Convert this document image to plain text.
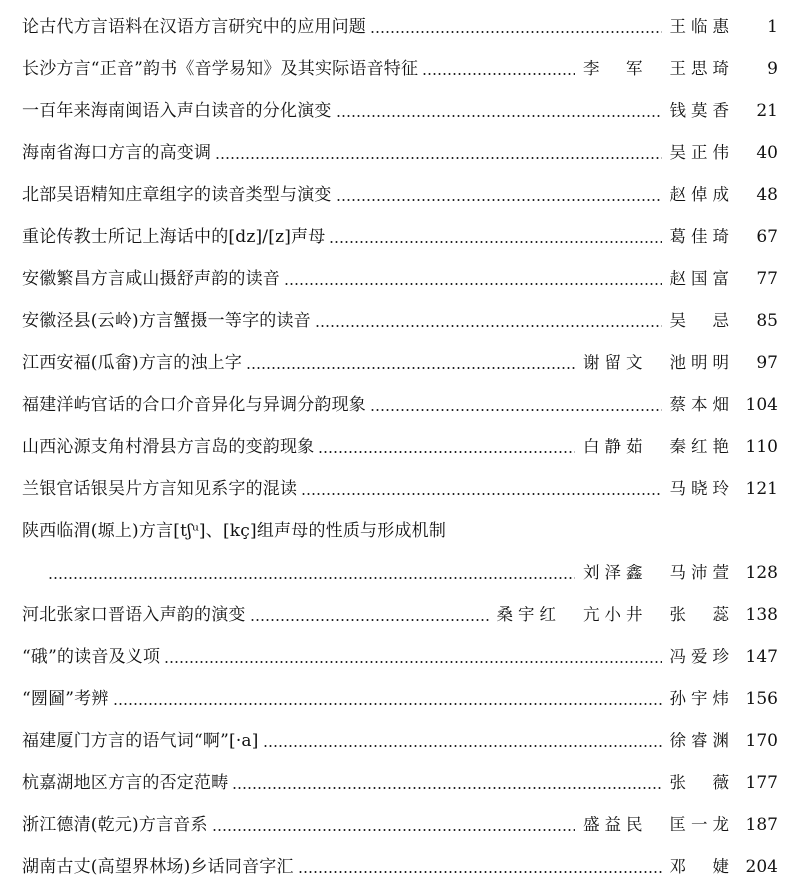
论古代方言语料在汉语方言研究中的应用问题	王临惠	1
长沙方言“正音”韵书《音学易知》及其实际语音特征	李　军 王思琦	9
一百年来海南闽语入声白读音的分化演变	钱莫香	21
海南省海口方言的高变调	吴正伟	40
北部吴语精知庄章组字的读音类型与演变	赵倬成	48
重论传教士所记上海话中的[dz]/[z]声母	葛佳琦	67
安徽繁昌方言咸山摄舒声韵的读音	赵国富	77
安徽泾县(云岭)方言蟹摄一等字的读音	吴　忌	85
江西安福(瓜畲)方言的浊上字	谢留文 池明明	97
福建洋屿官话的合口介音异化与异调分韵现象	蔡本畑 104
山西沁源支角村滑县方言岛的变韵现象	白静茹 秦红艳 110
兰银官话银吴片方言知见系字的混读	马晓玲 121
陕西临渭(塬上)方言[tʃᵘ]、[kç]组声母的性质与形成机制
刘泽鑫 马沛萱 128
河北张家口晋语入声韵的演变	桑宇红 亢小井 张　蕊 138
“硪”的读音及义项	冯爱珍 147
“圐圙”考辨	孙宇炜 156
福建厦门方言的语气词“啊”[·a]	徐睿渊 170
杭嘉湖地区方言的否定范畴	张　薇 177
浙江德清(乾元)方言音系	盛益民 匡一龙 187
湖南古丈(高望界林场)乡话同音字汇	邓　婕 204
